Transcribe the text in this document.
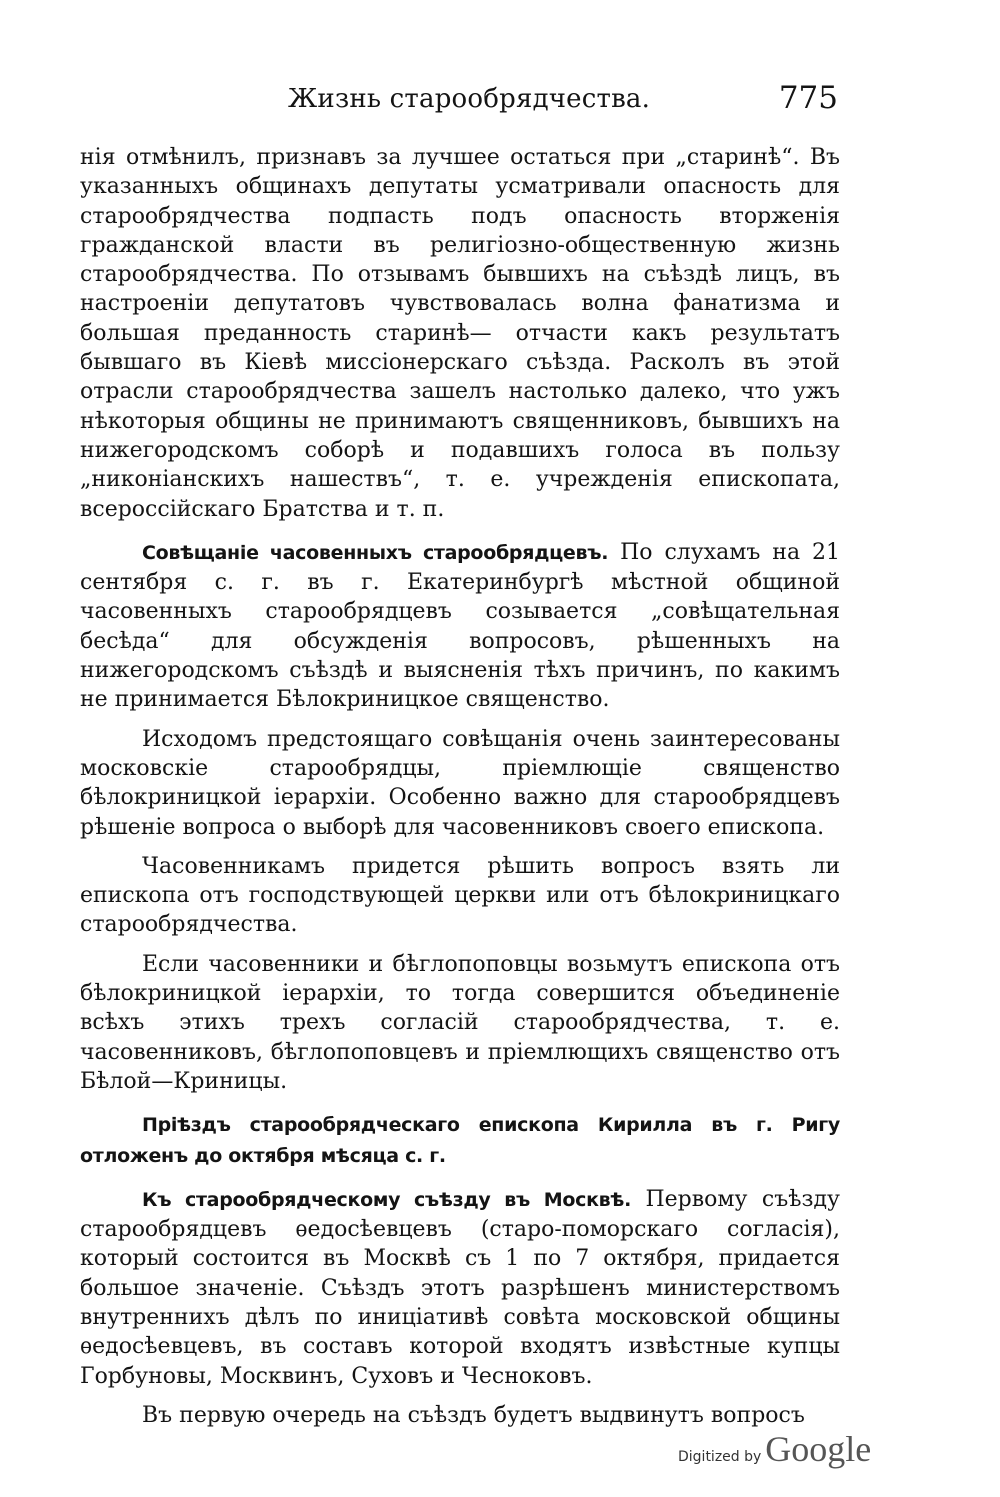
Жизнь старообрядчества.	775

нія отмѣнилъ, признавъ за лучшее остаться при „старинѣ“. Въ указанныхъ общинахъ депутаты усматривали опасность для старообрядчества подпасть подъ опасность вторженія гражданской власти въ религіозно-общественную жизнь старообрядчества. По отзывамъ бывшихъ на съѣздѣ лицъ, въ настроеніи депутатовъ чувствовалась волна фанатизма и большая преданность старинѣ— отчасти какъ результатъ бывшаго въ Кіевѣ миссіонерскаго съѣзда. Расколъ въ этой отрасли старообрядчества зашелъ настолько далеко, что ужъ нѣкоторыя общины не принимаютъ священниковъ, бывшихъ на нижегородскомъ соборѣ и подавшихъ голоса въ пользу „никоніанскихъ нашествъ“, т. е. учрежденія епископата, всероссійскаго Братства и т. п.

Совѣщаніе часовенныхъ старообрядцевъ. По слухамъ на 21 сентября с. г. въ г. Екатеринбургѣ мѣстной общиной часовенныхъ старообрядцевъ созывается „совѣщательная бесѣда“ для обсужденія вопросовъ, рѣшенныхъ на нижегородскомъ съѣздѣ и выясненія тѣхъ причинъ, по какимъ не принимается Бѣлокриницкое священство.

Исходомъ предстоящаго совѣщанія очень заинтересованы московскіе старообрядцы, пріемлющіе священство бѣлокриницкой іерархіи. Особенно важно для старообрядцевъ рѣшеніе вопроса о выборѣ для часовенниковъ своего епископа.

Часовенникамъ придется рѣшить вопросъ взять ли епископа отъ господствующей церкви или отъ бѣлокриницкаго старообрядчества.

Если часовенники и бѣглопоповцы возьмутъ епископа отъ бѣлокриницкой іерархіи, то тогда совершится объединеніе всѣхъ этихъ трехъ согласій старообрядчества, т. е. часовенниковъ, бѣглопоповцевъ и пріемлющихъ священство отъ Бѣлой—Криницы.

Пріѣздъ старообрядческаго епископа Кирилла въ г. Ригу отложенъ до октября мѣсяца с. г.

Къ старообрядческому съѣзду въ Москвѣ. Первому съѣзду старообрядцевъ ѳедосѣевцевъ (старо-поморскаго согласія), который состоится въ Москвѣ съ 1 по 7 октября, придается большое значеніе. Съѣздъ этотъ разрѣшенъ министерствомъ внутреннихъ дѣлъ по иниціативѣ совѣта московской общины ѳедосѣевцевъ, въ составъ которой входятъ извѣстные купцы Горбуновы, Москвинъ, Суховъ и Чесноковъ.

Въ первую очередь на съѣздъ будетъ выдвинутъ вопросъ

Digitized by Google
